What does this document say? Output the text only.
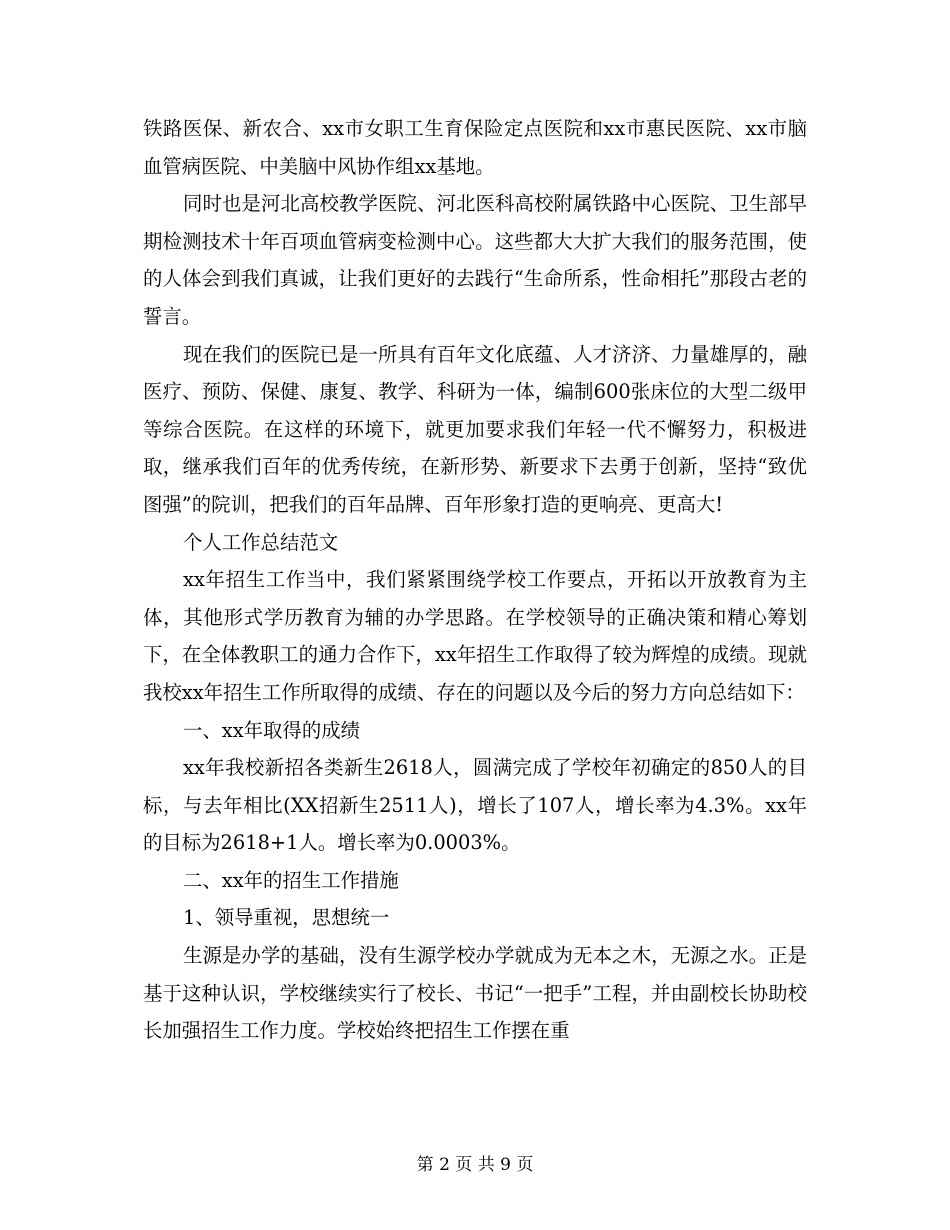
铁路医保、新农合、xx市女职工生育保险定点医院和xx市惠民医院、xx市脑血管病医院、中美脑中风协作组xx基地。

同时也是河北高校教学医院、河北医科高校附属铁路中心医院、卫生部早期检测技术十年百项血管病变检测中心。这些都大大扩大我们的服务范围，使的人体会到我们真诚，让我们更好的去践行“生命所系，性命相托”那段古老的誓言。

现在我们的医院已是一所具有百年文化底蕴、人才济济、力量雄厚的，融医疗、预防、保健、康复、教学、科研为一体，编制600张床位的大型二级甲等综合医院。在这样的环境下，就更加要求我们年轻一代不懈努力，积极进取，继承我们百年的优秀传统，在新形势、新要求下去勇于创新，坚持“致优图强”的院训，把我们的百年品牌、百年形象打造的更响亮、更高大!

个人工作总结范文

xx年招生工作当中，我们紧紧围绕学校工作要点，开拓以开放教育为主体，其他形式学历教育为辅的办学思路。在学校领导的正确决策和精心筹划下，在全体教职工的通力合作下，xx年招生工作取得了较为辉煌的成绩。现就我校xx年招生工作所取得的成绩、存在的问题以及今后的努力方向总结如下：

一、xx年取得的成绩

xx年我校新招各类新生2618人，圆满完成了学校年初确定的850人的目标，与去年相比(XX招新生2511人)，增长了107人，增长率为4.3%。xx年的目标为2618+1人。增长率为0.0003%。

二、xx年的招生工作措施

1、领导重视，思想统一

生源是办学的基础，没有生源学校办学就成为无本之木，无源之水。正是基于这种认识，学校继续实行了校长、书记“一把手”工程，并由副校长协助校长加强招生工作力度。学校始终把招生工作摆在重

第 2 页 共 9 页
